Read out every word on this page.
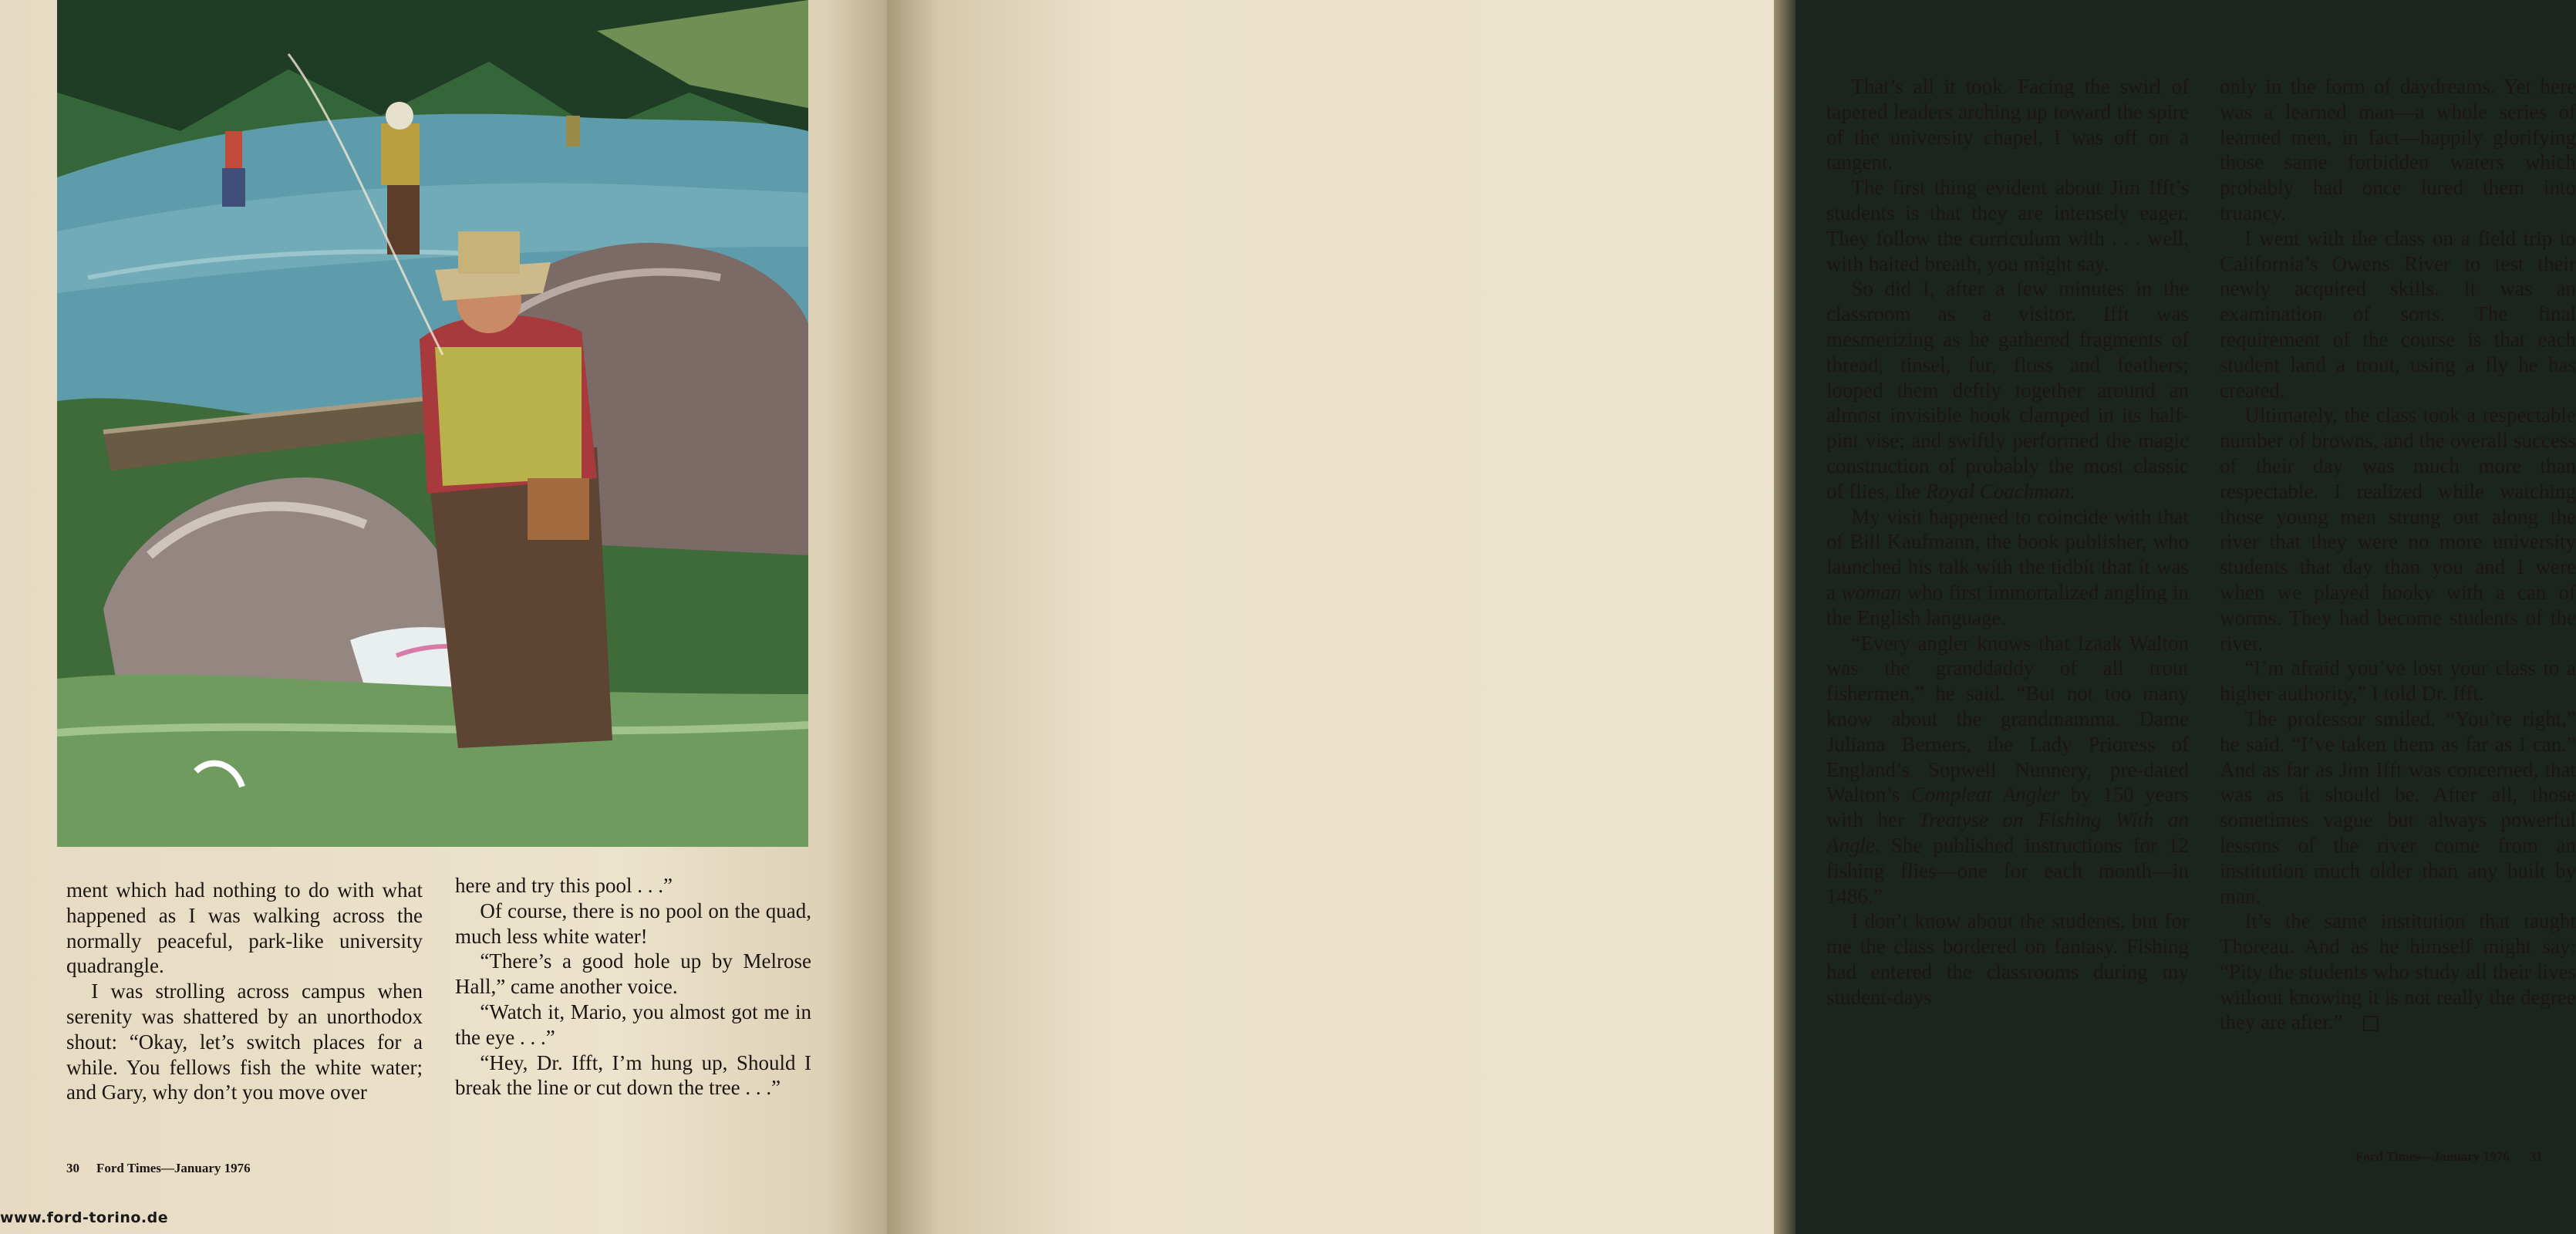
ment which had nothing to do with what happened as I was walking across the normally peaceful, park-like university quadrangle.

I was strolling across campus when serenity was shattered by an unorthodox shout: “Okay, let’s switch places for a while. You fellows fish the white water; and Gary, why don’t you move over

here and try this pool . . .”

Of course, there is no pool on the quad, much less white water!

“There’s a good hole up by Melrose Hall,” came another voice.

“Watch it, Mario, you almost got me in the eye . . .”

“Hey, Dr. Ifft, I’m hung up, Should I break the line or cut down the tree . . .”

30 Ford Times—January 1976

That’s all it took. Facing the swirl of tapered leaders arching up toward the spire of the university chapel, I was off on a tangent.

The first thing evident about Jim Ifft’s students is that they are intensely eager. They follow the curriculum with . . . well, with baited breath, you might say.

So did I, after a few minutes in the classroom as a visitor. Ifft was mesmerizing as he gathered fragments of thread, tinsel, fur, floss and feathers; looped them deftly together around an almost invisible hook clamped in its half-pint vise; and swiftly performed the magic construction of probably the most classic of flies, the Royal Coachman.

My visit happened to coincide with that of Bill Kaufmann, the book publisher, who launched his talk with the tidbit that it was a woman who first immortalized angling in the English language.

“Every angler knows that Izaak Walton was the granddaddy of all trout fishermen,” he said. “But not too many know about the grandmamma. Dame Juliana Berners, the Lady Prioress of England’s Sopwell Nunnery, pre-dated Walton’s Compleat Angler by 150 years with her Treatyse on Fishing With an Angle. She published instructions for 12 fishing flies—one for each month—in 1486.”

I don’t know about the students, but for me the class bordered on fantasy. Fishing had entered the classrooms during my student-days

only in the form of daydreams. Yet here was a learned man—a whole series of learned men, in fact—happily glorifying those same forbidden waters which probably had once lured them into truancy.

I went with the class on a field trip to California’s Owens River to test their newly acquired skills. It was an examination of sorts. The final requirement of the course is that each student land a trout, using a fly he has created.

Ultimately, the class took a respectable number of browns, and the overall success of their day was much more than respectable. I realized while watching those young men strung out along the river that they were no more university students that day than you and I were when we played hooky with a can of worms. They had become students of the river.

“I’m afraid you’ve lost your class to a higher authority,” I told Dr. Ifft.

The professor smiled. “You’re right,” he said. “I’ve taken them as far as I can.” And as far as Jim Ifft was concerned, that was as it should be. After all, those sometimes vague but always powerful lessons of the river come from an institution much older than any built by man.

It’s the same institution that taught Thoreau. And as he himself might say: “Pity the students who study all their lives without knowing it is not really the degree they are after.”

Ford Times—January 1976 31
www.ford-torino.de
